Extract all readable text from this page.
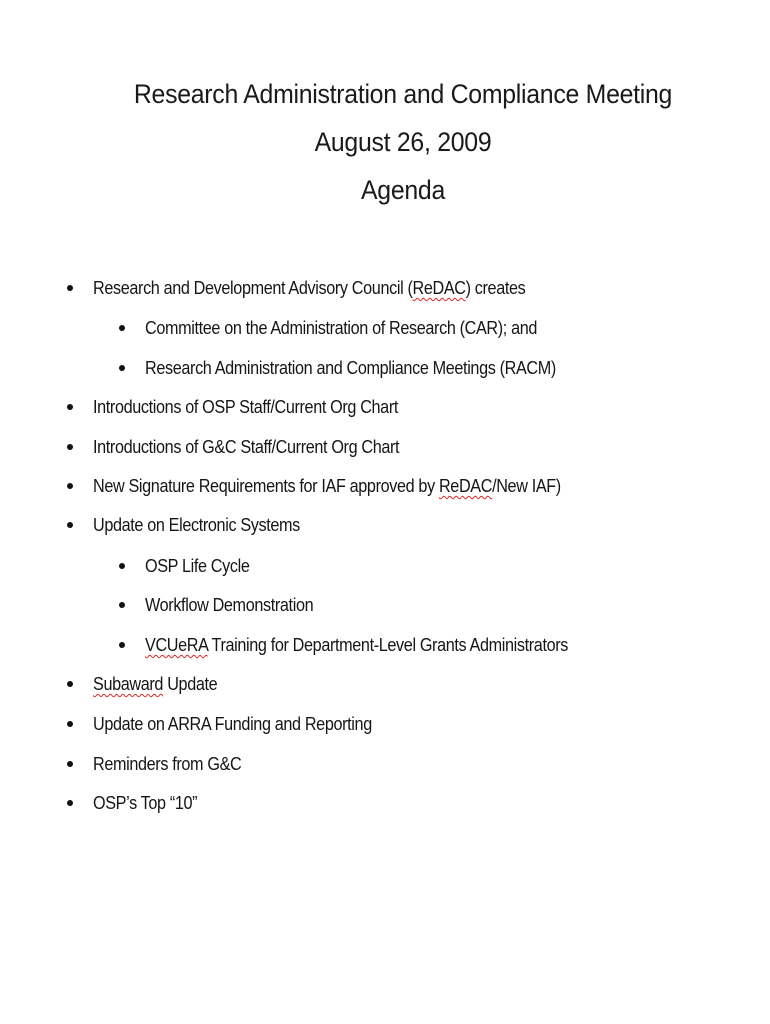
Research Administration and Compliance Meeting
August 26, 2009
Agenda
Research and Development Advisory Council (ReDAC) creates
Committee on the Administration of Research (CAR); and
Research Administration and Compliance Meetings (RACM)
Introductions of OSP Staff/Current Org Chart
Introductions of G&C Staff/Current Org Chart
New Signature Requirements for IAF approved by ReDAC/New IAF)
Update on Electronic Systems
OSP Life Cycle
Workflow Demonstration
VCUeRA Training for Department-Level Grants Administrators
Subaward Update
Update on ARRA Funding and Reporting
Reminders from G&C
OSP’s Top “10”
